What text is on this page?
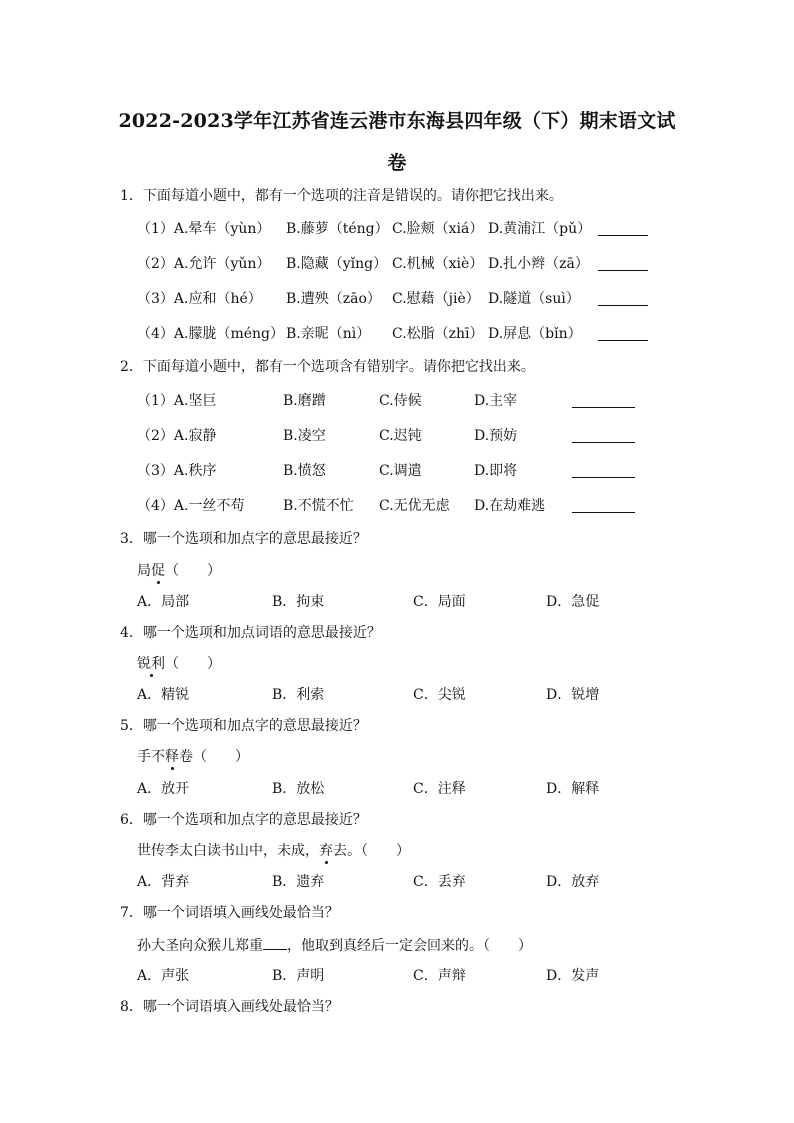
2022-2023学年江苏省连云港市东海县四年级（下）期末语文试
卷
1．下面每道小题中，都有一个选项的注音是错误的。请你把它找出来。
（1）A.晕车（yùn） B.藤萝（téng） C.脸颊（xiá） D.黄浦江（pǔ）
（2）A.允许（yǔn） B.隐藏（yǐng） C.机械（xiè） D.扎小辫（zā）
（3）A.应和（hé） B.遭殃（zāo） C.慰藉（jiè） D.隧道（suì）
（4）A.朦胧（méng） B.亲昵（nì） C.松脂（zhī） D.屏息（bǐn）
2．下面每道小题中，都有一个选项含有错别字。请你把它找出来。
（1）A.坚巨	B.磨蹭	C.侍候	D.主宰
（2）A.寂静	B.凌空	C.迟钝	D.预妨
（3）A.秩序	B.愤怒	C.调遣	D.即将
（4）A.一丝不苟	B.不慌不忙 C.无优无虑 D.在劫难逃
3．哪一个选项和加点字的意思最接近？
局促（　　）
A．局部	B．拘束	C．局面	D．急促
4．哪一个选项和加点词语的意思最接近？
锐利（　　）
A．精锐	B．利索	C．尖锐	D．锐增
5．哪一个选项和加点字的意思最接近？
手不释卷（　　）
A．放开	B．放松	C．注释	D．解释
6．哪一个选项和加点字的意思最接近？
世传李太白读书山中，未成，弃去。（　　）
A．背弃	B．遗弃	C．丢弃	D．放弃
7．哪一个词语填入画线处最恰当？
孙大圣向众猴儿郑重 ，他取到真经后一定会回来的。（　　）
A．声张	B．声明	C．声辩	D．发声
8．哪一个词语填入画线处最恰当？
